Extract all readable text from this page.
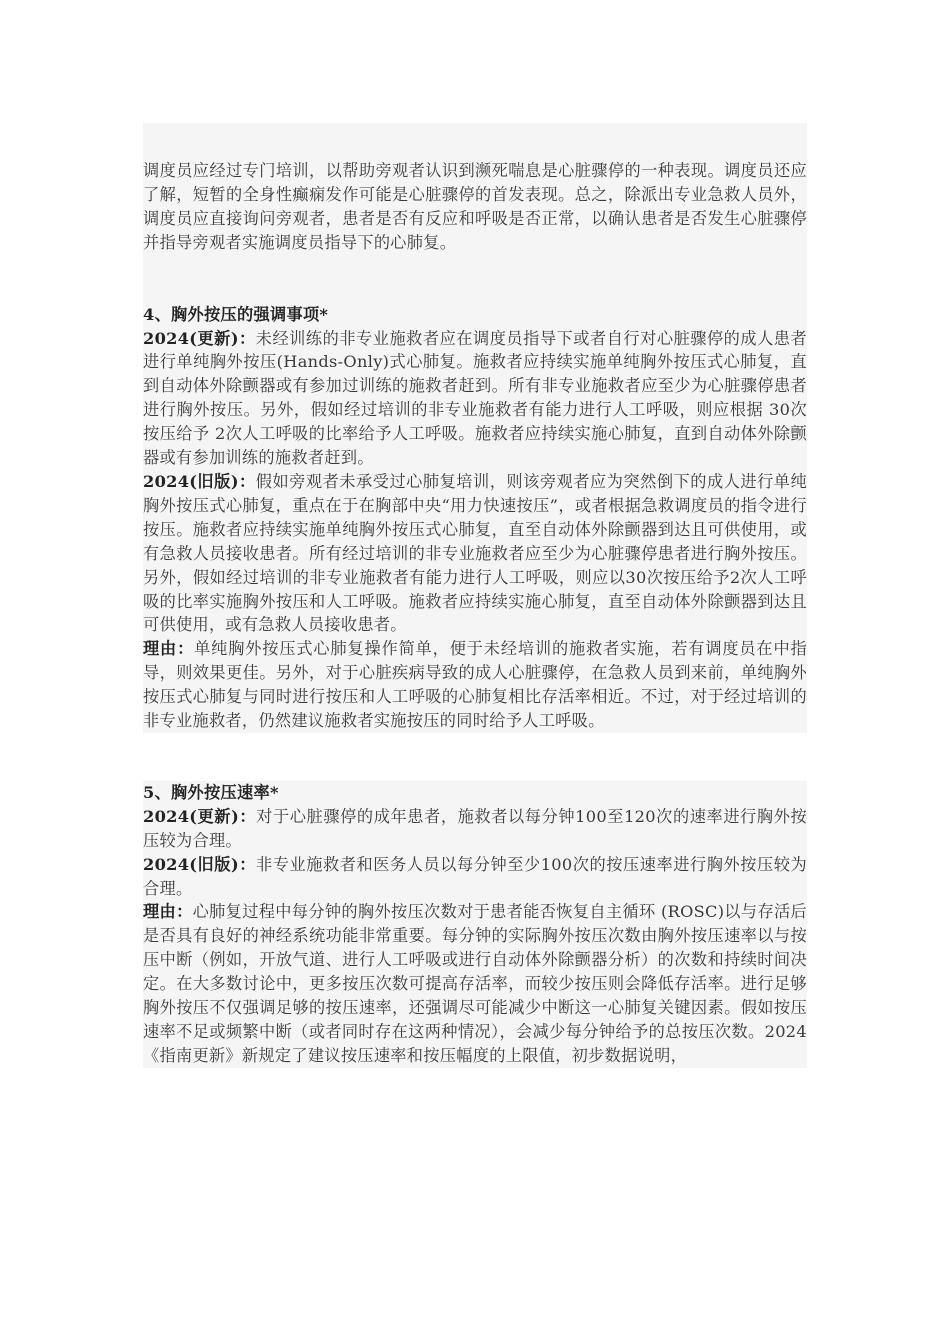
调度员应经过专门培训，以帮助旁观者认识到濒死喘息是心脏骤停的一种表现。调度员还应了解，短暂的全身性癫痫发作可能是心脏骤停的首发表现。总之，除派出专业急救人员外，调度员应直接询问旁观者，患者是否有反应和呼吸是否正常，以确认患者是否发生心脏骤停并指导旁观者实施调度员指导下的心肺复。

4、胸外按压的强调事项*

2024(更新)：未经训练的非专业施救者应在调度员指导下或者自行对心脏骤停的成人患者进行单纯胸外按压(Hands-Only)式心肺复。施救者应持续实施单纯胸外按压式心肺复，直到自动体外除颤器或有参加过训练的施救者赶到。所有非专业施救者应至少为心脏骤停患者进行胸外按压。另外，假如经过培训的非专业施救者有能力进行人工呼吸，则应根据 30次按压给予 2次人工呼吸的比率给予人工呼吸。施救者应持续实施心肺复，直到自动体外除颤器或有参加训练的施救者赶到。

2024(旧版)：假如旁观者未承受过心肺复培训，则该旁观者应为突然倒下的成人进行单纯胸外按压式心肺复，重点在于在胸部中央“用力快速按压”，或者根据急救调度员的指令进行按压。施救者应持续实施单纯胸外按压式心肺复，直至自动体外除颤器到达且可供使用，或有急救人员接收患者。所有经过培训的非专业施救者应至少为心脏骤停患者进行胸外按压。另外，假如经过培训的非专业施救者有能力进行人工呼吸，则应以30次按压给予2次人工呼吸的比率实施胸外按压和人工呼吸。施救者应持续实施心肺复，直至自动体外除颤器到达且可供使用，或有急救人员接收患者。

理由：单纯胸外按压式心肺复操作简单，便于未经培训的施救者实施，若有调度员在中指导，则效果更佳。另外，对于心脏疾病导致的成人心脏骤停，在急救人员到来前，单纯胸外按压式心肺复与同时进行按压和人工呼吸的心肺复相比存活率相近。不过，对于经过培训的非专业施救者，仍然建议施救者实施按压的同时给予人工呼吸。

5、胸外按压速率*

2024(更新)：对于心脏骤停的成年患者，施救者以每分钟100至120次的速率进行胸外按压较为合理。

2024(旧版)：非专业施救者和医务人员以每分钟至少100次的按压速率进行胸外按压较为合理。

理由：心肺复过程中每分钟的胸外按压次数对于患者能否恢复自主循环 (ROSC)以与存活后是否具有良好的神经系统功能非常重要。每分钟的实际胸外按压次数由胸外按压速率以与按压中断（例如，开放气道、进行人工呼吸或进行自动体外除颤器分析）的次数和持续时间决定。在大多数讨论中，更多按压次数可提高存活率，而较少按压则会降低存活率。进行足够胸外按压不仅强调足够的按压速率，还强调尽可能减少中断这一心肺复关键因素。假如按压速率不足或频繁中断（或者同时存在这两种情况），会减少每分钟给予的总按压次数。2024《指南更新》新规定了建议按压速率和按压幅度的上限值，初步数据说明，
